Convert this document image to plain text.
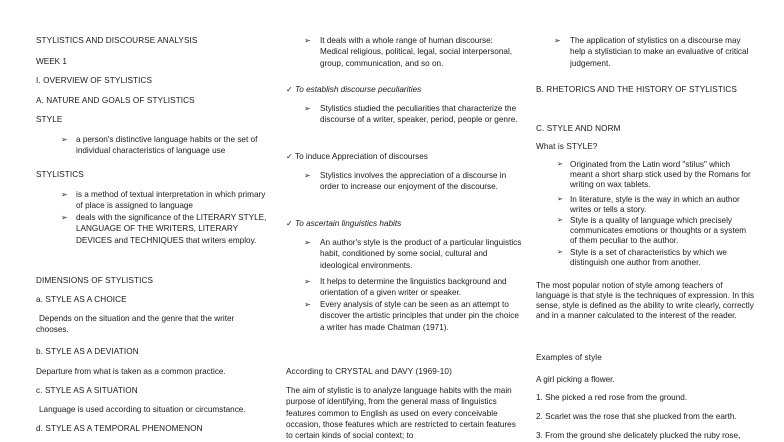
STYLISTICS AND DISCOURSE ANALYSIS

WEEK 1

I. OVERVIEW OF STYLISTICS

A. NATURE AND GOALS OF STYLISTICS

STYLE

➢ a person's distinctive language habits or the set of individual characteristics of language use

STYLISTICS

➢ is a method of textual interpretation in which primary of place is assigned to language
➢ deals with the significance of the LITERARY STYLE, LANGUAGE OF THE WRITERS, LITERARY DEVICES and TECHNIQUES that writers employ.

DIMENSIONS OF STYLISTICS

a. STYLE AS A CHOICE

Depends on the situation and the genre that the writer chooses.

b. STYLE AS A DEVIATION

Departure from what is taken as a common practice.

c. STYLE AS A SITUATION

Language is used according to situation or circumstance.

d. STYLE AS A TEMPORAL PHENOMENON

➢ It deals with a whole range of human discourse: Medical religious, political, legal, social interpersonal, group, communication, and so on.
✓ To establish discourse peculiarities
➢ Stylistics studied the peculiarities that characterize the discourse of a writer, speaker, period, people or genre.
✓ To induce Appreciation of discourses
➢ Stylistics involves the appreciation of a discourse in order to increase our enjoyment of the discourse.
✓ To ascertain linguistics habits
➢ An author's style is the product of a particular linguistics habit, conditioned by some social, cultural and ideological environments.
➢ It helps to determine the linguistics background and orientation of a given writer or speaker.
➢ Every analysis of style can be seen as an attempt to discover the artistic principles that under pin the choice a writer has made Chatman (1971).

According to CRYSTAL and DAVY (1969-10)

The aim of stylistic is to analyze language habits with the main purpose of identifying, from the general mass of linguistics features common to English as used on every conceivable occasion, those features which are restricted to certain features to certain kinds of social context; to

➢ The application of stylistics on a discourse may help a stylistician to make an evaluative of critical judgement.

B. RHETORICS AND THE HISTORY OF STYLISTICS

C. STYLE AND NORM

What is STYLE?

➢ Originated from the Latin word "stilus" which meant a short sharp stick used by the Romans for writing on wax tablets.
➢ In literature, style is the way in which an author writes or tells a story.
➢ Style is a quality of language which precisely communicates emotions or thoughts or a system of them peculiar to the author.
➢ Style is a set of characteristics by which we distinguish one author from another.

The most popular notion of style among teachers of language is that style is the techniques of expression. In this sense, style is defined as the ability to write clearly, correctly and in a manner calculated to the interest of the reader.

Examples of style

A girl picking a flower.

1. She picked a red rose from the ground.

2. Scarlet was the rose that she plucked from the earth.

3. From the ground she delicately plucked the ruby rose,
